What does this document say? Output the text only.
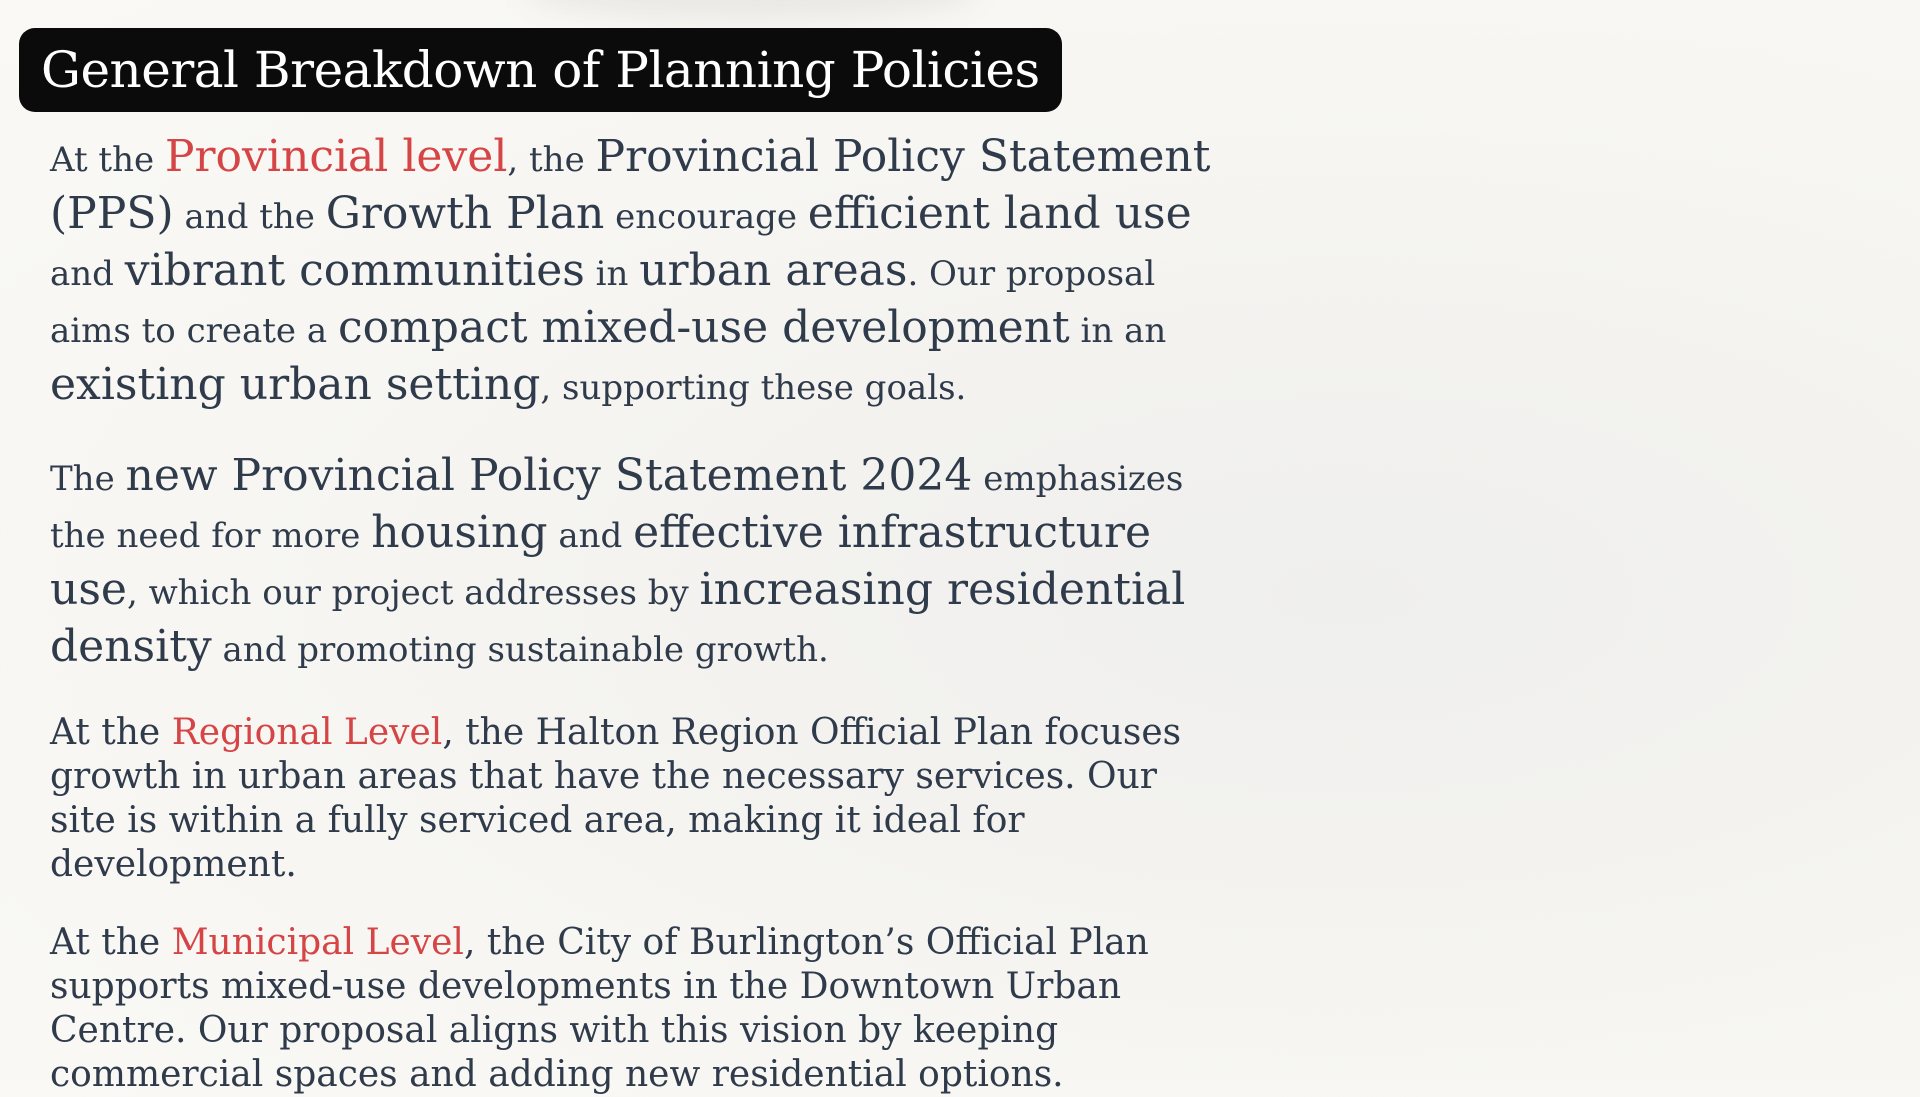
General Breakdown of Planning Policies

At the Provincial level, the Provincial Policy Statement (PPS) and the Growth Plan encourage efficient land use and vibrant communities in urban areas. Our proposal aims to create a compact mixed-use development in an existing urban setting, supporting these goals.

The new Provincial Policy Statement 2024 emphasizes the need for more housing and effective infrastructure use, which our project addresses by increasing residential density and promoting sustainable growth.

At the Regional Level, the Halton Region Official Plan focuses growth in urban areas that have the necessary services. Our site is within a fully serviced area, making it ideal for development.

At the Municipal Level, the City of Burlington’s Official Plan supports mixed-use developments in the Downtown Urban Centre. Our proposal aligns with this vision by keeping commercial spaces and adding new residential options.
